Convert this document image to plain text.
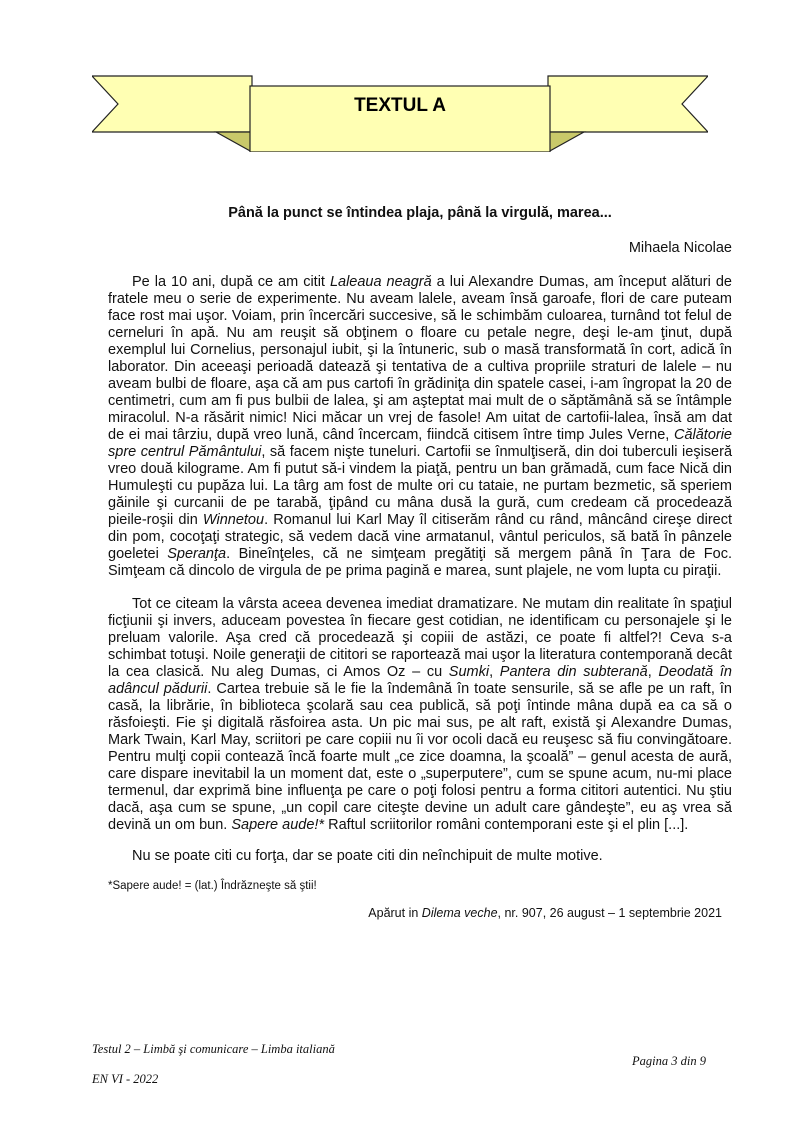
TEXTUL A
Până la punct se întindea plaja, până la virgulă, marea...
Mihaela Nicolae

Pe la 10 ani, după ce am citit Laleaua neagră a lui Alexandre Dumas, am început alături de fratele meu o serie de experimente. Nu aveam lalele, aveam însă garoafe, flori de care puteam face rost mai uşor. Voiam, prin încercări succesive, să le schimbăm culoarea, turnând tot felul de cerneluri în apă. Nu am reuşit să obţinem o floare cu petale negre, deşi le-am ţinut, după exemplul lui Cornelius, personajul iubit, şi la întuneric, sub o masă transformată în cort, adică în laborator. Din aceeaşi perioadă datează şi tentativa de a cultiva propriile straturi de lalele – nu aveam bulbi de floare, aşa că am pus cartofi în grădiniţa din spatele casei, i-am îngropat la 20 de centimetri, cum am fi pus bulbii de lalea, şi am aşteptat mai mult de o săptămână să se întâmple miracolul. N-a răsărit nimic! Nici măcar un vrej de fasole! Am uitat de cartofii-lalea, însă am dat de ei mai târziu, după vreo lună, când încercam, fiindcă citisem între timp Jules Verne, Călătorie spre centrul Pământului, să facem nişte tuneluri. Cartofii se înmulţiseră, din doi tuberculi ieşiseră vreo două kilograme. Am fi putut să-i vindem la piaţă, pentru un ban grămadă, cum face Nică din Humuleşti cu pupăza lui. La târg am fost de multe ori cu tataie, ne purtam bezmetic, să speriem găinile şi curcanii de pe tarabă, ţipând cu mâna dusă la gură, cum credeam că procedează pieile-roşii din Winnetou. Romanul lui Karl May îl citiserăm rând cu rând, mâncând cireşe direct din pom, cocoţaţi strategic, să vedem dacă vine armatanul, vântul periculos, să bată în pânzele goeletei Speranţa. Bineînţeles, că ne simţeam pregătiţi să mergem până în Ţara de Foc. Simţeam că dincolo de virgula de pe prima pagină e marea, sunt plajele, ne vom lupta cu piraţii.

Tot ce citeam la vârsta aceea devenea imediat dramatizare. Ne mutam din realitate în spaţiul ficţiunii şi invers, aduceam povestea în fiecare gest cotidian, ne identificam cu personajele şi le preluam valorile. Aşa cred că procedează şi copiii de astăzi, ce poate fi altfel?! Ceva s-a schimbat totuşi. Noile generaţii de cititori se raportează mai uşor la literatura contemporană decât la cea clasică. Nu aleg Dumas, ci Amos Oz – cu Sumki, Pantera din subterană, Deodată în adâncul pădurii. Cartea trebuie să le fie la îndemână în toate sensurile, să se afle pe un raft, în casă, la librărie, în biblioteca şcolară sau cea publică, să poţi întinde mâna după ea ca să o răsfoieşti. Fie şi digitală răsfoirea asta. Un pic mai sus, pe alt raft, există şi Alexandre Dumas, Mark Twain, Karl May, scriitori pe care copiii nu îi vor ocoli dacă eu reuşesc să fiu convingătoare. Pentru mulţi copii contează încă foarte mult „ce zice doamna, la şcoală” – genul acesta de aură, care dispare inevitabil la un moment dat, este o „superputere”, cum se spune acum, nu-mi place termenul, dar exprimă bine influenţa pe care o poţi folosi pentru a forma cititori autentici. Nu ştiu dacă, aşa cum se spune, „un copil care citeşte devine un adult care gândeşte”, eu aş vrea să devină un om bun. Sapere aude!* Raftul scriitorilor români contemporani este şi el plin [...].

Nu se poate citi cu forţa, dar se poate citi din neînchipuit de multe motive.

*Sapere aude! = (lat.) Îndrăzneşte să ştii!
Apărut in Dilema veche, nr. 907, 26 august – 1 septembrie 2021
Testul 2 – Limbă şi comunicare – Limba italiană
Pagina 3 din 9
EN VI - 2022
